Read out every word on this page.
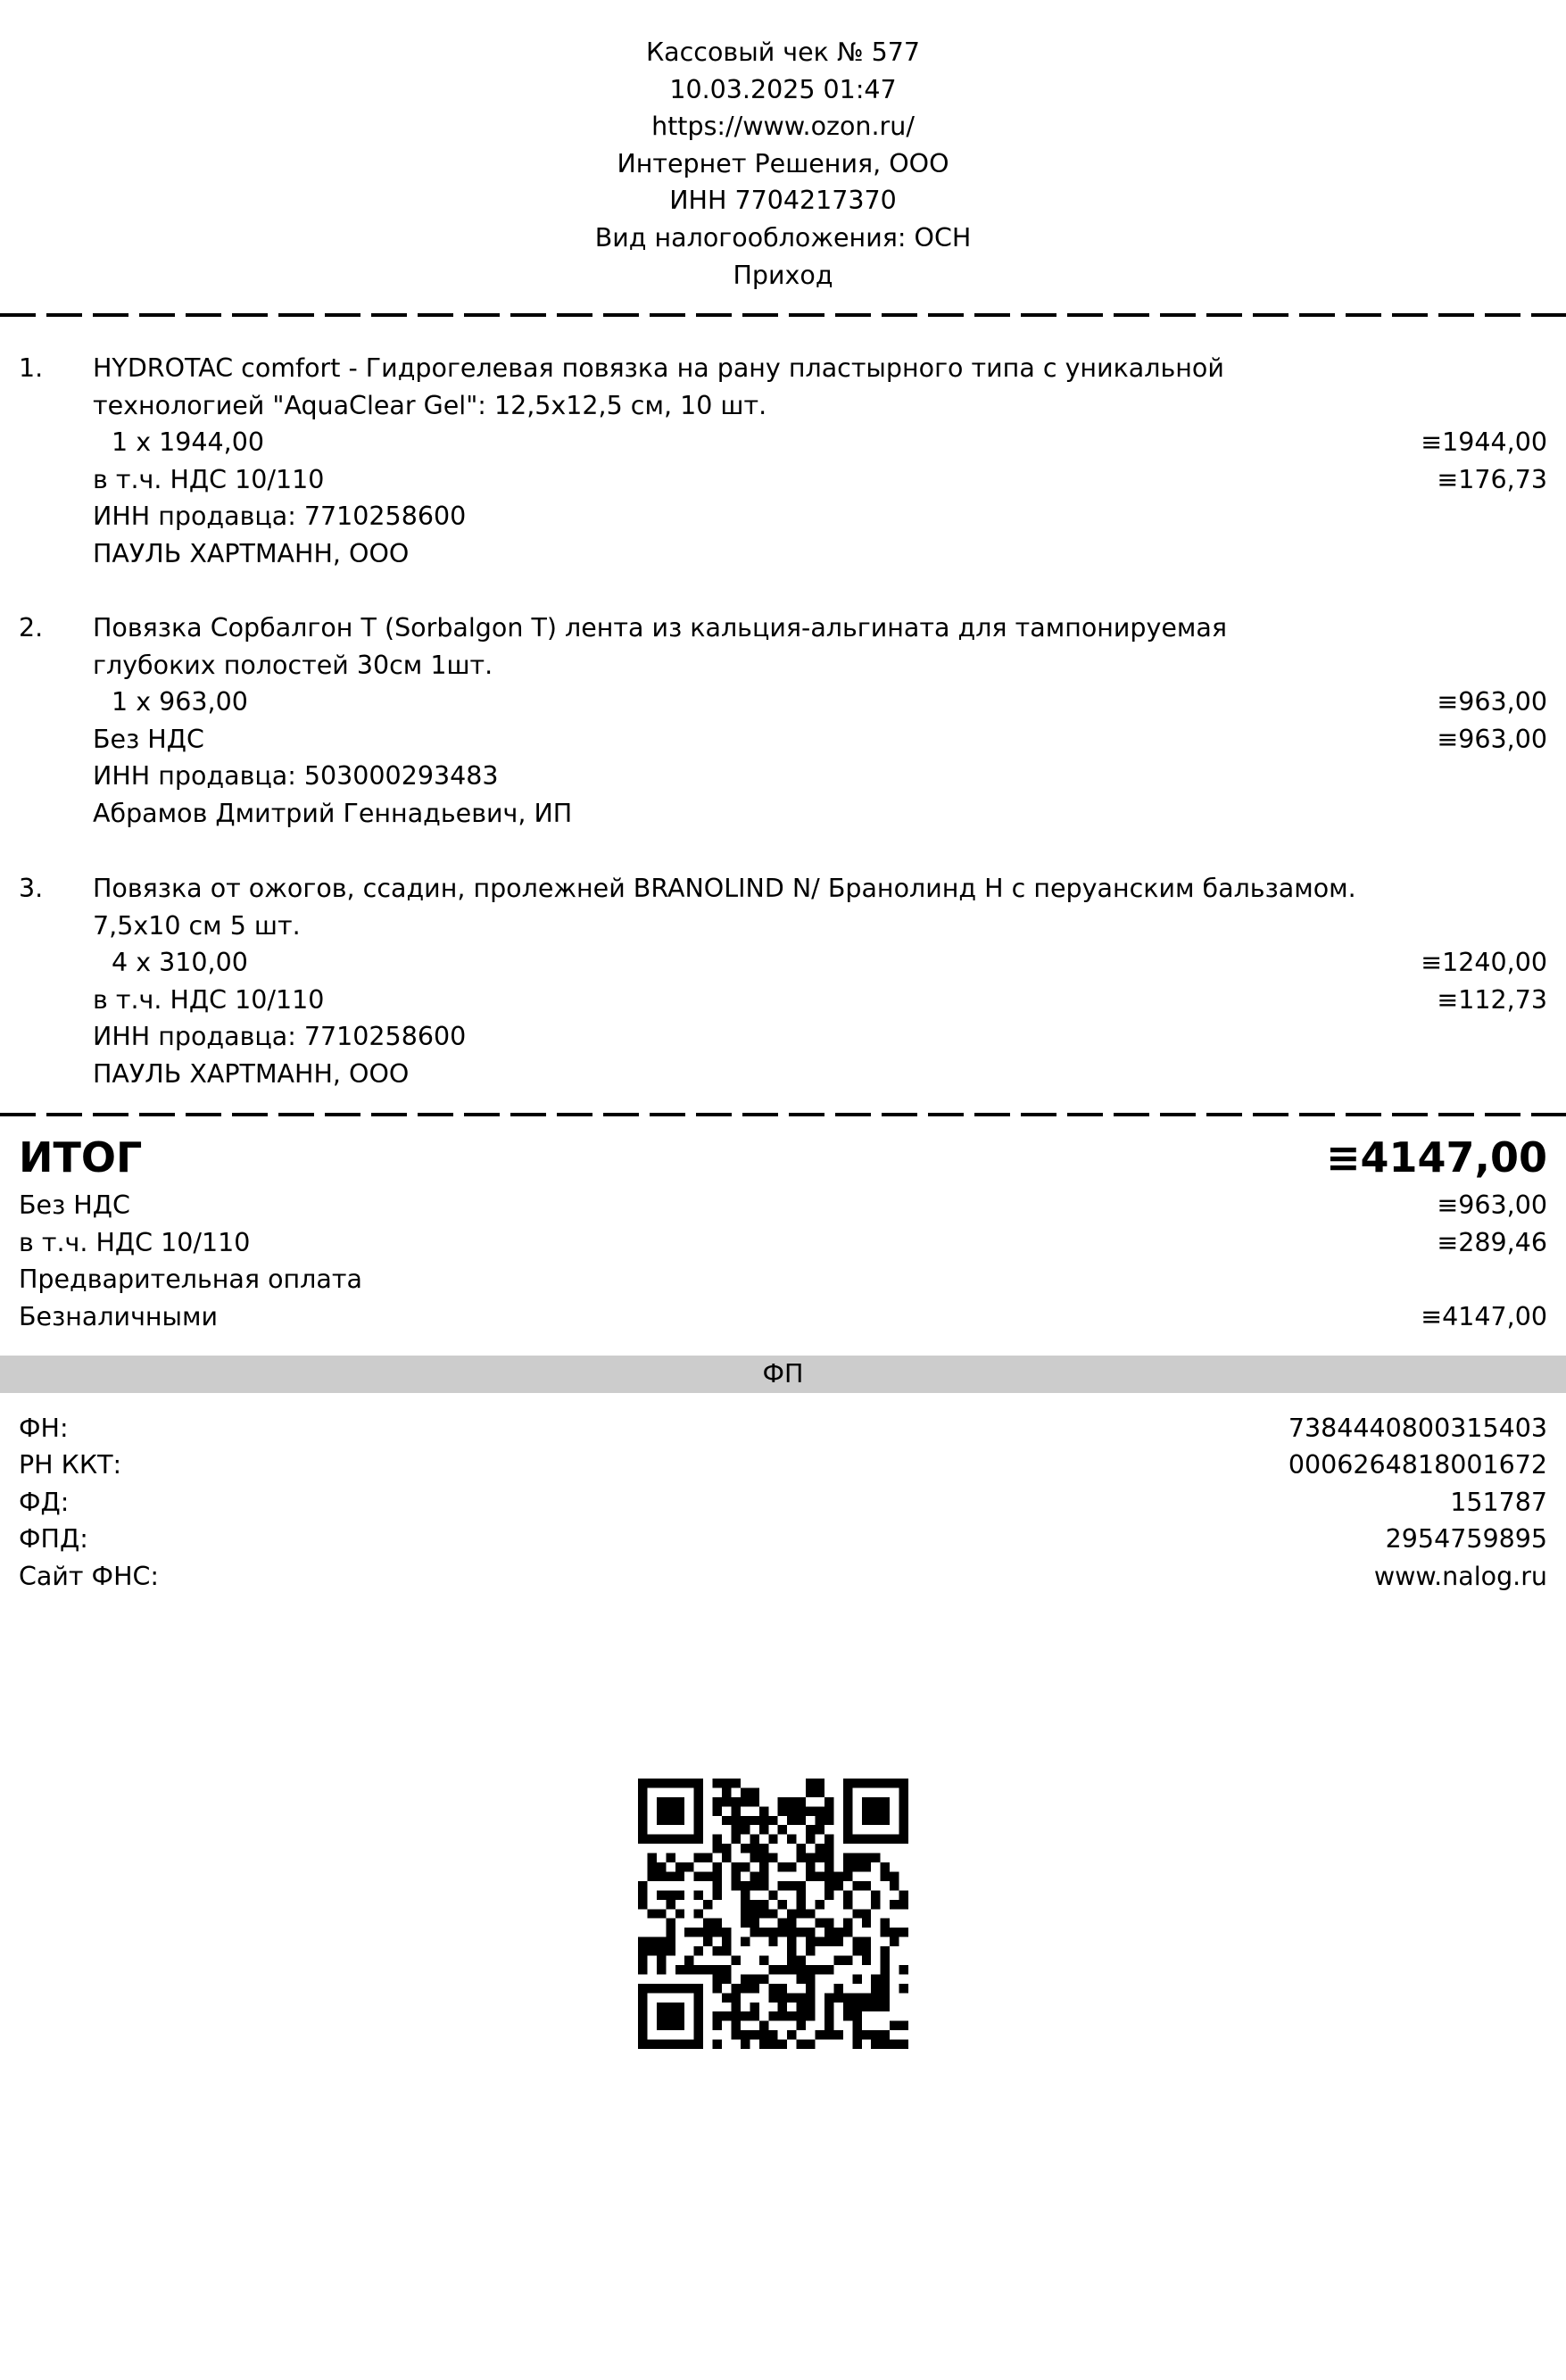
Кассовый чек № 577
10.03.2025 01:47
https://www.ozon.ru/
Интернет Решения, ООО
ИНН 7704217370
Вид налогообложения: ОСН
Приход
1. HYDROTAC comfort - Гидрогелевая повязка на рану пластырного типа с уникальной
технологией "AquaClear Gel": 12,5x12,5 см, 10 шт.
1 x 1944,00	≡1944,00
в т.ч. НДС 10/110	≡176,73
ИНН продавца: 7710258600
ПАУЛЬ ХАРТМАНН, ООО
2. Повязка Сорбалгон Т (Sorbalgon T) лента из кальция-альгината для тампонируемая
глубоких полостей 30см 1шт.
1 x 963,00	≡963,00
Без НДС	≡963,00
ИНН продавца: 503000293483
Абрамов Дмитрий Геннадьевич, ИП
3. Повязка от ожогов, ссадин, пролежней BRANOLIND N/ Бранолинд Н с перуанским бальзамом.
7,5x10 см 5 шт.
4 x 310,00	≡1240,00
в т.ч. НДС 10/110	≡112,73
ИНН продавца: 7710258600
ПАУЛЬ ХАРТМАНН, ООО
ИТОГ	≡4147,00
Без НДС	≡963,00
в т.ч. НДС 10/110	≡289,46
Предварительная оплата
Безналичными	≡4147,00
ФП
ФН:	7384440800315403
РН ККТ:	0006264818001672
ФД:	151787
ФПД:	2954759895
Сайт ФНС:	www.nalog.ru
